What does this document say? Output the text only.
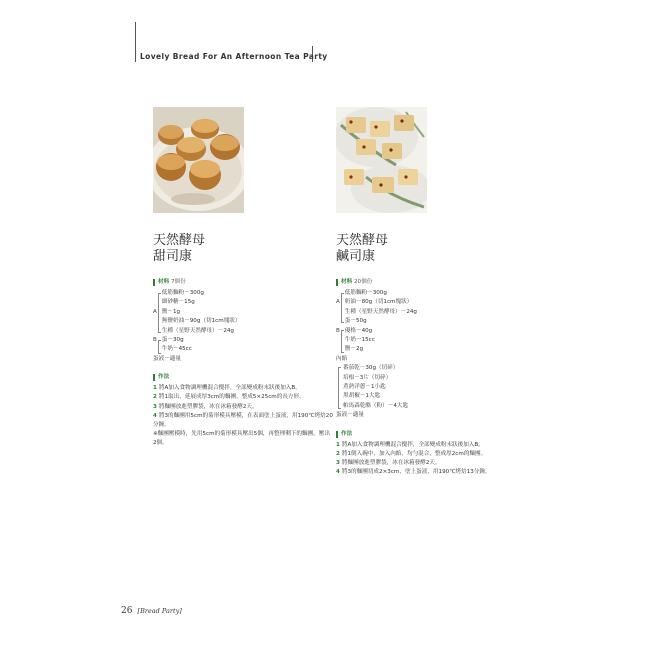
Lovely Bread For An Afternoon Tea Party
天然酵母
甜司康
材料 7個份
低筋麵粉－300g
細砂糖－15g
A 鹽－1g
無鹽奶油－90g（切1cm塊狀）
生種（星野天然酵母）－24g
B 蛋－30g
牛奶－45cc
蛋液－適量
作法
1 將A加入食物調理機混合攪拌，全部變成粉末狀後加入B。
2 將1取出，延展成厚3cm的麵團，整成5×25cm的長方形。
3 將麵團放進塑膠袋，冰在冰箱發酵2天。
4 將3的麵團用5cm的菊形模具壓模，在表面塗上蛋液，用190℃烤焙20分鐘。
※麵團壓模時，先用5cm的菊形模具壓出5個，再整理剩下的麵團，壓出2個。
天然酵母
鹹司康
材料 20個份
低筋麵粉－300g
A 奶油－80g（切1cm塊狀）
生種（星野天然酵母）－24g
蛋－50g
B 優格－40g
牛奶－15cc
鹽－2g
內餡
番茄乾－30g（切碎）
培根－3片（切碎）
煮熟洋蔥－1小匙
黑胡椒－1大匙
帕馬森乾酪（粉）－4大匙
蛋液－適量
作法
1 將A加入食物調理機混合攪拌，全部變成粉末狀後加入B。
2 將1倒入碗中，加入內餡，均勻混合，整成厚2cm的麵團。
3 將麵團放進塑膠袋，冰在冰箱發酵2天。
4 將3的麵團切成2×3cm，塗上蛋液，用190℃烤焙13分鐘。
26 [Bread Party]
